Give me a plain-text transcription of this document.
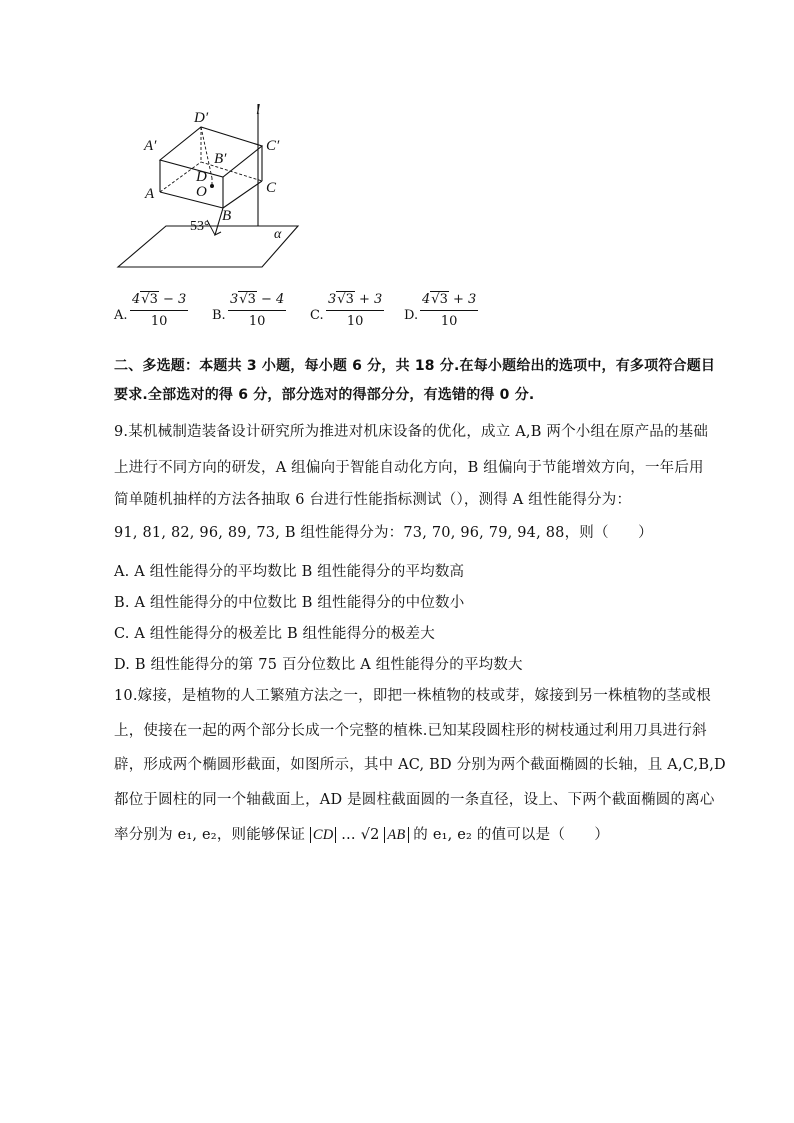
D′
A′
B′
C′
D
O
A
B
C
l
α
53°
A. $\frac{4√3 - 3}{10} B$. $\frac{3√3 - 4}{10} C$. $\frac{3√3 + 3}{10} D$. $\frac{4√3 + 3}{10}$
二、多选题：本题共 3 小题，每小题 6 分，共 18 分.在每小题给出的选项中，有多项符合题目
要求.全部选对的得 6 分，部分选对的得部分分，有选错的得 0 分.
9.某机械制造装备设计研究所为推进对机床设备的优化，成立 A,B 两个小组在原产品的基础
上进行不同方向的研发，A 组偏向于智能自动化方向，B 组偏向于节能增效方向，一年后用
简单随机抽样的方法各抽取 6 台进行性能指标测试（），测得 A 组性能得分为：
91, 81, 82, 96, 89, 73, B 组性能得分为：73, 70, 96, 79, 94, 88，则（　　）
A. A 组性能得分的平均数比 B 组性能得分的平均数高
B. A 组性能得分的中位数比 B 组性能得分的中位数小
C. A 组性能得分的极差比 B 组性能得分的极差大
D. B 组性能得分的第 75 百分位数比 A 组性能得分的平均数大
10.嫁接，是植物的人工繁殖方法之一，即把一株植物的枝或芽，嫁接到另一株植物的茎或根
上，使接在一起的两个部分长成一个完整的植株.已知某段圆柱形的树枝通过利用刀具进行斜
辟，形成两个椭圆形截面，如图所示，其中 AC, BD 分别为两个截面椭圆的长轴，且 A,C,B,D
都位于圆柱的同一个轴截面上，AD 是圆柱截面圆的一条直径，设上、下两个截面椭圆的离心
率分别为 e₁, e₂，则能够保证 CD … √2 AB 的 e₁, e₂ 的值可以是（　　）
